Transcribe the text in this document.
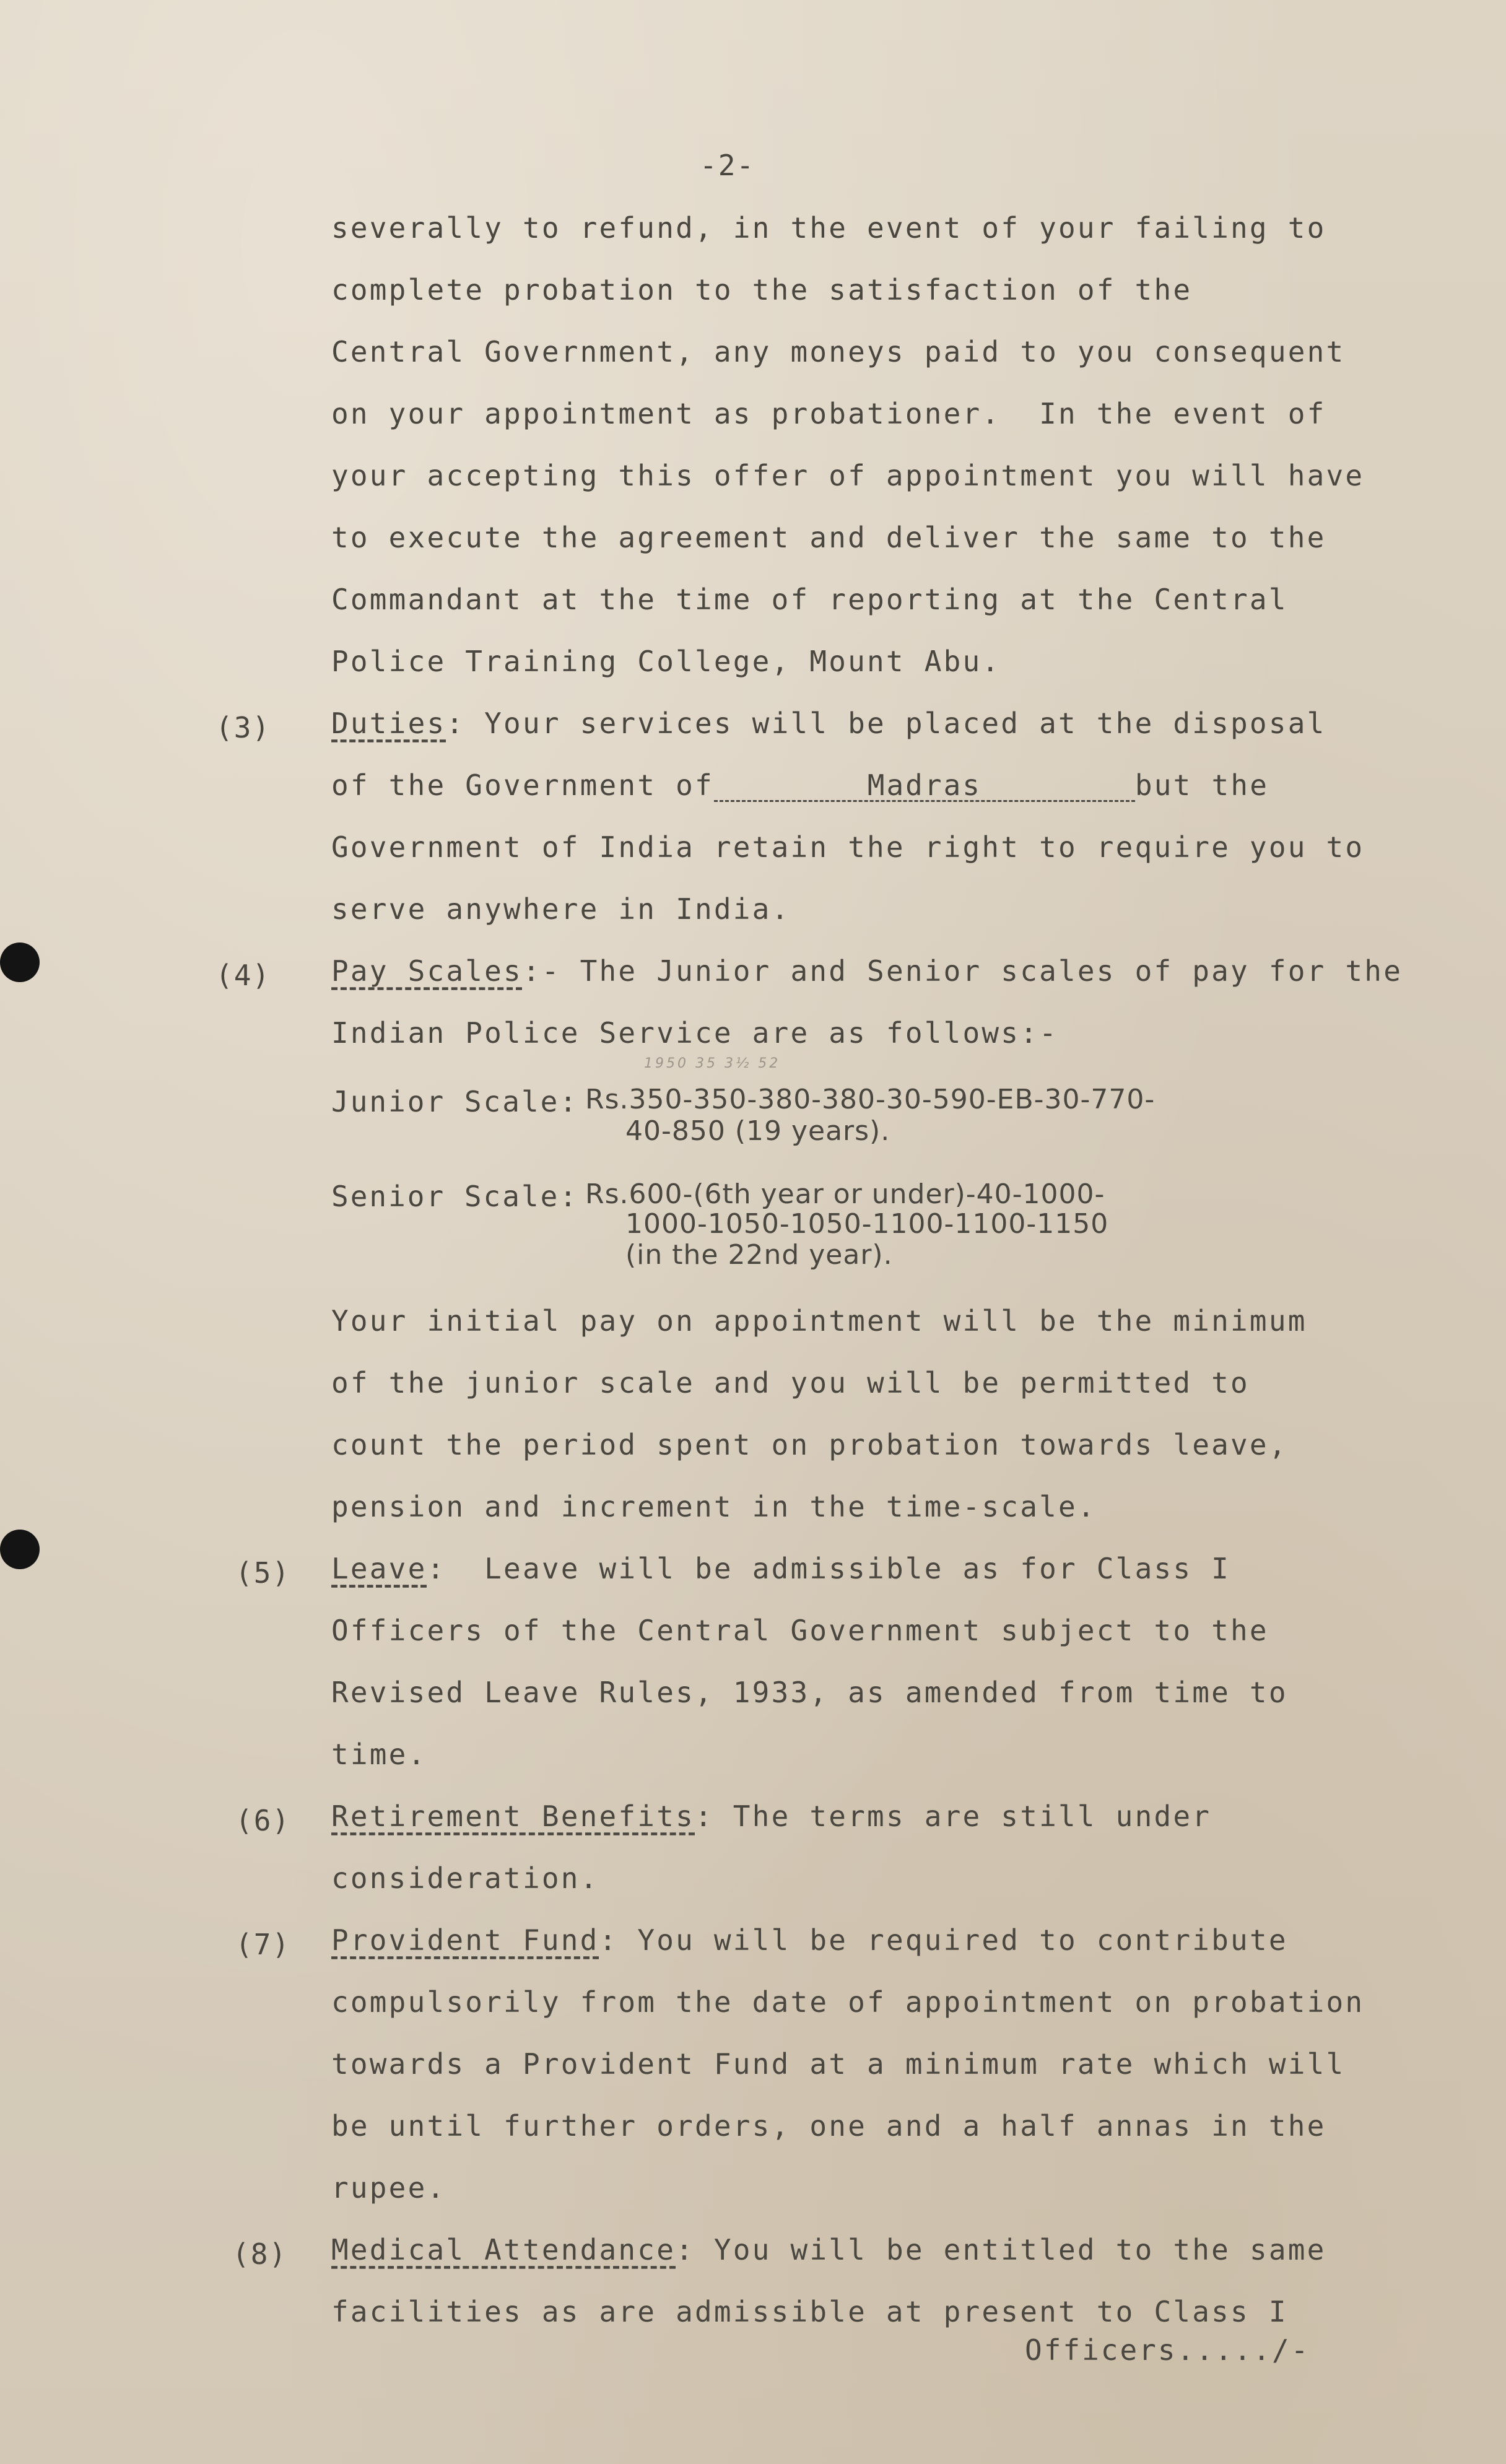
-2-
severally to refund, in the event of your failing to
complete probation to the satisfaction of the
Central Government, any moneys paid to you consequent
on your appointment as probationer.  In the event of
your accepting this offer of appointment you will have
to execute the agreement and deliver the same to the
Commandant at the time of reporting at the Central
Police Training College, Mount Abu.
(3) Duties: Your services will be placed at the disposal
of the Government of	Madras	but the
Government of India retain the right to require you to
serve anywhere in India.
(4) Pay Scales:- The Junior and Senior scales of pay for the
Indian Police Service are as follows:-
1950 35 3½ 52
Junior Scale: Rs.350-350-380-380-30-590-EB-30-770-
40-850 (19 years).
Senior Scale: Rs.600-(6th year or under)-40-1000-
1000-1050-1050-1100-1100-1150
(in the 22nd year).
Your initial pay on appointment will be the minimum
of the junior scale and you will be permitted to
count the period spent on probation towards leave,
pension and increment in the time-scale.
(5) Leave:  Leave will be admissible as for Class I
Officers of the Central Government subject to the
Revised Leave Rules, 1933, as amended from time to
time.
(6) Retirement Benefits: The terms are still under
consideration.
(7) Provident Fund: You will be required to contribute
compulsorily from the date of appointment on probation
towards a Provident Fund at a minimum rate which will
be until further orders, one and a half annas in the
rupee.
(8) Medical Attendance: You will be entitled to the same
facilities as are admissible at present to Class I
Officers...../-
